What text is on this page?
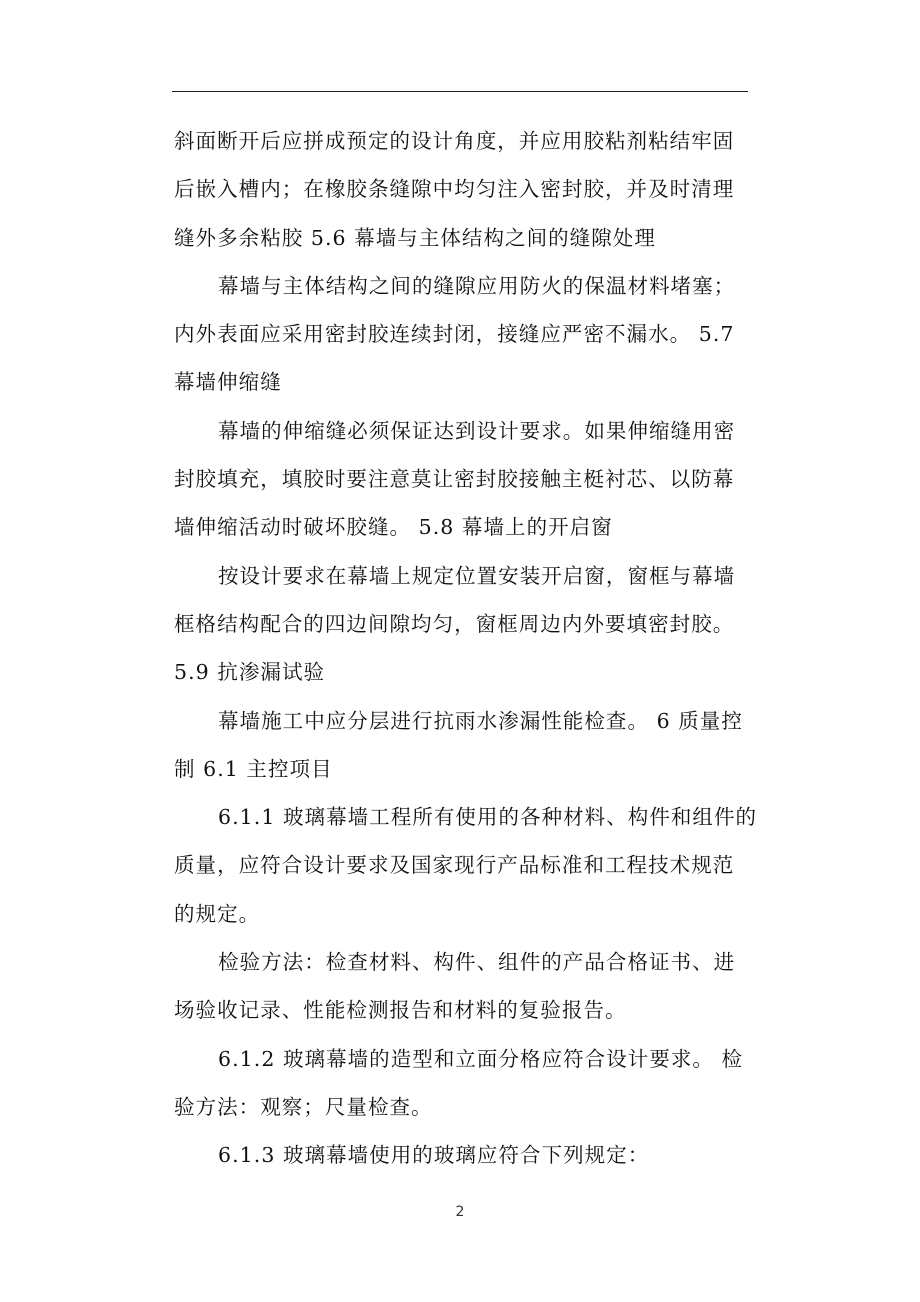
斜面断开后应拼成预定的设计角度，并应用胶粘剂粘结牢固
后嵌入槽内；在橡胶条缝隙中均匀注入密封胶，并及时清理
缝外多余粘胶 5.6 幕墙与主体结构之间的缝隙处理
幕墙与主体结构之间的缝隙应用防火的保温材料堵塞；
内外表面应采用密封胶连续封闭，接缝应严密不漏水。 5.7
幕墙伸缩缝
幕墙的伸缩缝必须保证达到设计要求。如果伸缩缝用密
封胶填充，填胶时要注意莫让密封胶接触主梃衬芯、以防幕
墙伸缩活动时破坏胶缝。 5.8 幕墙上的开启窗
按设计要求在幕墙上规定位置安装开启窗，窗框与幕墙
框格结构配合的四边间隙均匀，窗框周边内外要填密封胶。
5.9 抗渗漏试验
幕墙施工中应分层进行抗雨水渗漏性能检查。 6 质量控
制 6.1 主控项目
6.1.1 玻璃幕墙工程所有使用的各种材料、构件和组件的
质量，应符合设计要求及国家现行产品标准和工程技术规范
的规定。
检验方法：检查材料、构件、组件的产品合格证书、进
场验收记录、性能检测报告和材料的复验报告。
6.1.2 玻璃幕墙的造型和立面分格应符合设计要求。 检
验方法：观察；尺量检查。
6.1.3 玻璃幕墙使用的玻璃应符合下列规定：
2
